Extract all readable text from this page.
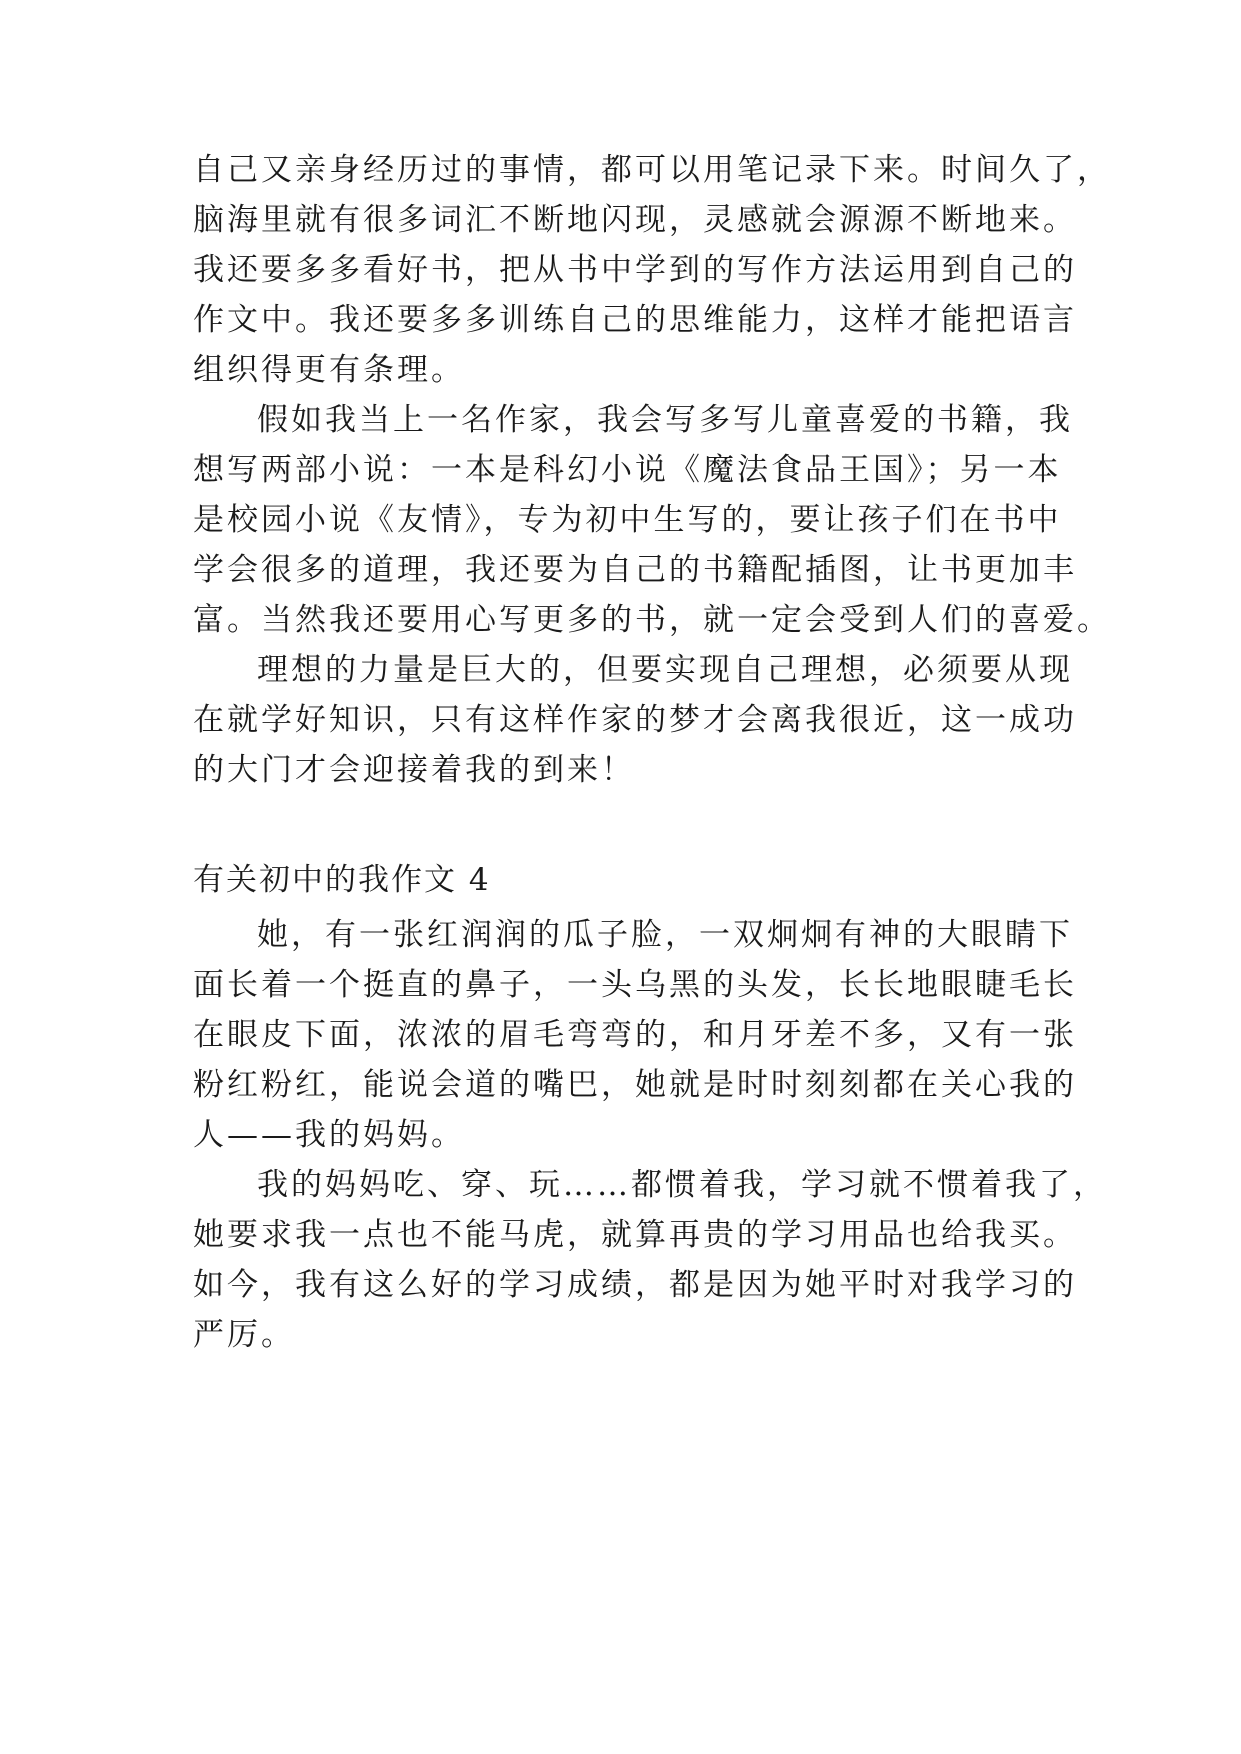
自己又亲身经历过的事情，都可以用笔记录下来。时间久了，
脑海里就有很多词汇不断地闪现，灵感就会源源不断地来。
我还要多多看好书，把从书中学到的写作方法运用到自己的
作文中。我还要多多训练自己的思维能力，这样才能把语言
组织得更有条理。
假如我当上一名作家，我会写多写儿童喜爱的书籍，我
想写两部小说：一本是科幻小说《魔法食品王国》；另一本
是校园小说《友情》，专为初中生写的，要让孩子们在书中
学会很多的道理，我还要为自己的书籍配插图，让书更加丰
富。当然我还要用心写更多的书，就一定会受到人们的喜爱。
理想的力量是巨大的，但要实现自己理想，必须要从现
在就学好知识，只有这样作家的梦才会离我很近，这一成功
的大门才会迎接着我的到来！
有关初中的我作文 4
她，有一张红润润的瓜子脸，一双炯炯有神的大眼睛下
面长着一个挺直的鼻子，一头乌黑的头发，长长地眼睫毛长
在眼皮下面，浓浓的眉毛弯弯的，和月牙差不多，又有一张
粉红粉红，能说会道的嘴巴，她就是时时刻刻都在关心我的
人——我的妈妈。
我的妈妈吃、穿、玩……都惯着我，学习就不惯着我了，
她要求我一点也不能马虎，就算再贵的学习用品也给我买。
如今，我有这么好的学习成绩，都是因为她平时对我学习的
严厉。
